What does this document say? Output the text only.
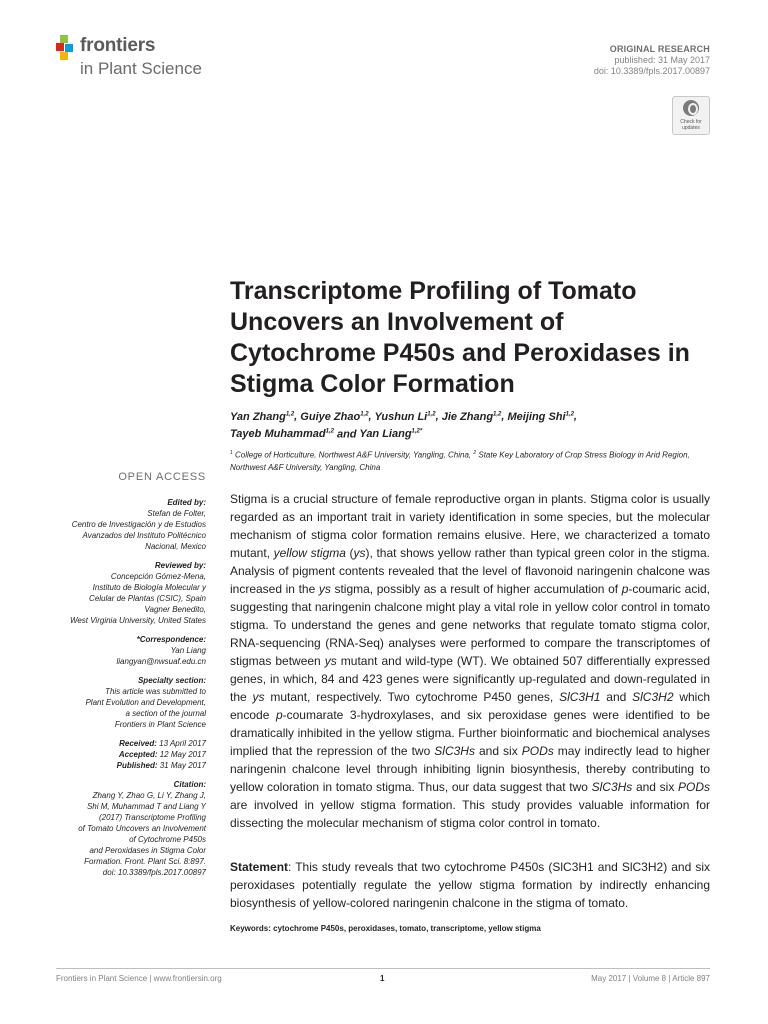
frontiers
in Plant Science
ORIGINAL RESEARCH
published: 31 May 2017
doi: 10.3389/fpls.2017.00897
Check for
updates
Transcriptome Profiling of Tomato Uncovers an Involvement of Cytochrome P450s and Peroxidases in Stigma Color Formation
Yan Zhang$^{1,2}$, Guiye Zhao$^{1,2}$, Yushun Li$^{1,2}$, Jie Zhang$^{1,2}$, Meijing Shi$^{1,2}$,
Tayeb Muhammad$^{1,2}$ and Yan Liang$^{1,2*}$
$^1$ College of Horticulture, Northwest A&F University, Yangling, China, $^2$ State Key Laboratory of Crop Stress Biology in Arid Region, Northwest A&F University, Yangling, China
OPEN ACCESS
Edited by:
Stefan de Folter,
Centro de Investigación y de Estudios
Avanzados del Instituto Politécnico
Nacional, Mexico
Reviewed by:
Concepción Gómez-Mena,
Instituto de Biología Molecular y
Celular de Plantas (CSIC), Spain
Vagner Benedito,
West Virginia University, United States
*Correspondence:
Yan Liang
liangyan@nwsuaf.edu.cn
Specialty section:
This article was submitted to
Plant Evolution and Development,
a section of the journal
Frontiers in Plant Science
Received: 13 April 2017
Accepted: 12 May 2017
Published: 31 May 2017
Citation:
Zhang Y, Zhao G, Li Y, Zhang J,
Shi M, Muhammad T and Liang Y
(2017) Transcriptome Profiling
of Tomato Uncovers an Involvement
of Cytochrome P450s
and Peroxidases in Stigma Color
Formation. Front. Plant Sci. 8:897.
doi: 10.3389/fpls.2017.00897
Stigma is a crucial structure of female reproductive organ in plants. Stigma color is usually regarded as an important trait in variety identification in some species, but the molecular mechanism of stigma color formation remains elusive. Here, we characterized a tomato mutant, yellow stigma (ys), that shows yellow rather than typical green color in the stigma. Analysis of pigment contents revealed that the level of flavonoid naringenin chalcone was increased in the ys stigma, possibly as a result of higher accumulation of p-coumaric acid, suggesting that naringenin chalcone might play a vital role in yellow color control in tomato stigma. To understand the genes and gene networks that regulate tomato stigma color, RNA-sequencing (RNA-Seq) analyses were performed to compare the transcriptomes of stigmas between ys mutant and wild-type (WT). We obtained 507 differentially expressed genes, in which, 84 and 423 genes were significantly up-regulated and down-regulated in the ys mutant, respectively. Two cytochrome P450 genes, SlC3H1 and SlC3H2 which encode p-coumarate 3-hydroxylases, and six peroxidase genes were identified to be dramatically inhibited in the yellow stigma. Further bioinformatic and biochemical analyses implied that the repression of the two SlC3Hs and six PODs may indirectly lead to higher naringenin chalcone level through inhibiting lignin biosynthesis, thereby contributing to yellow coloration in tomato stigma. Thus, our data suggest that two SlC3Hs and six PODs are involved in yellow stigma formation. This study provides valuable information for dissecting the molecular mechanism of stigma color control in tomato.
Statement: This study reveals that two cytochrome P450s (SlC3H1 and SlC3H2) and six peroxidases potentially regulate the yellow stigma formation by indirectly enhancing biosynthesis of yellow-colored naringenin chalcone in the stigma of tomato.
Keywords: cytochrome P450s, peroxidases, tomato, transcriptome, yellow stigma
Frontiers in Plant Science | www.frontiersin.org	1	May 2017 | Volume 8 | Article 897
